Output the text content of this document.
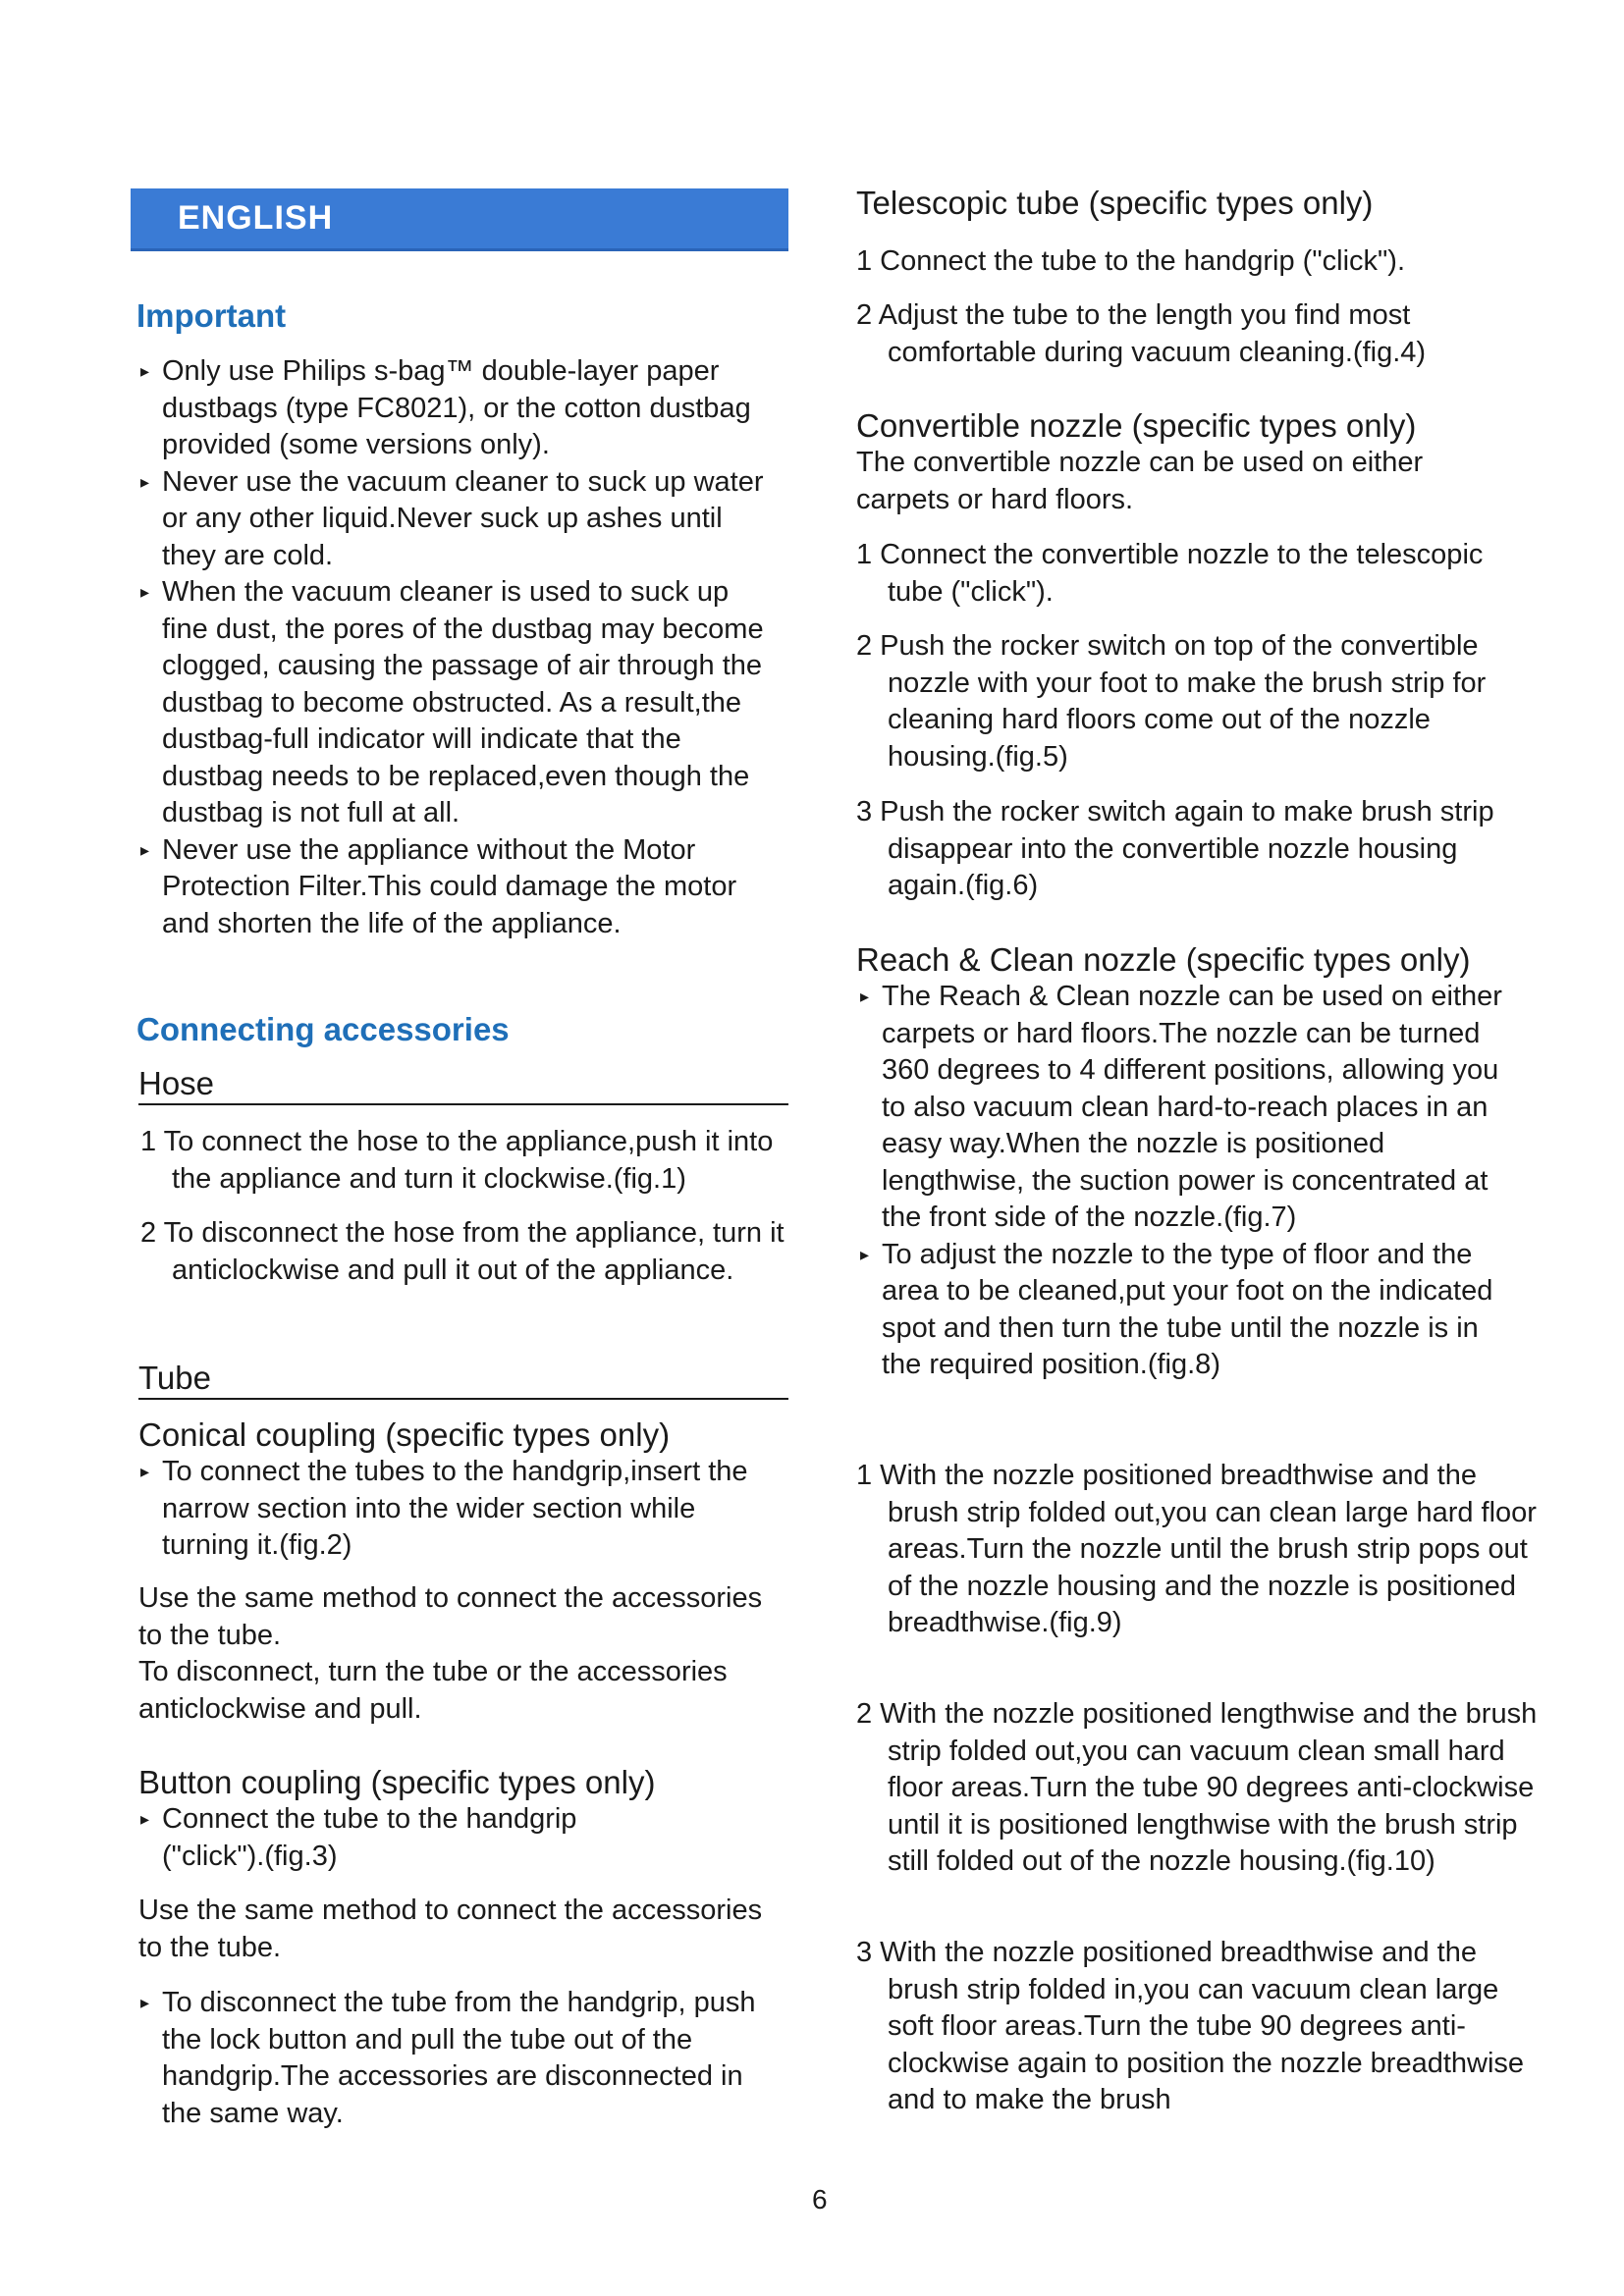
ENGLISH
Important
▸ Only use Philips s-bag™ double-layer paper dustbags (type FC8021), or the cotton dustbag provided (some versions only).
▸ Never use the vacuum cleaner to suck up water or any other liquid.Never suck up ashes until they are cold.
▸ When the vacuum cleaner is used to suck up fine dust, the pores of the dustbag may become clogged, causing the passage of air through the dustbag to become obstructed. As a result,the dustbag-full indicator will indicate that the dustbag needs to be replaced,even though the dustbag is not full at all.
▸ Never use the appliance without the Motor Protection Filter.This could damage the motor and shorten the life of the appliance.
Connecting accessories
Hose
1 To connect the hose to the appliance,push it into the appliance and turn it clockwise.(fig.1)
2 To disconnect the hose from the appliance, turn it anticlockwise and pull it out of the appliance.
Tube
Conical coupling (specific types only)
▸ To connect the tubes to the handgrip,insert the narrow section into the wider section while turning it.(fig.2)
Use the same method to connect the accessories to the tube.
To disconnect, turn the tube or the accessories anticlockwise and pull.
Button coupling (specific types only)
▸ Connect the tube to the handgrip ("click").(fig.3)
Use the same method to connect the accessories to the tube.
▸ To disconnect the tube from the handgrip, push the lock button and pull the tube out of the handgrip.The accessories are disconnected in the same way.
Telescopic tube (specific types only)
1 Connect the tube to the handgrip ("click").
2 Adjust the tube to the length you find most comfortable during vacuum cleaning.(fig.4)
Convertible nozzle (specific types only)
The convertible nozzle can be used on either carpets or hard floors.
1 Connect the convertible nozzle to the telescopic tube ("click").
2 Push the rocker switch on top of the convertible nozzle with your foot to make the brush strip for cleaning hard floors come out of the nozzle housing.(fig.5)
3 Push the rocker switch again to make brush strip disappear into the convertible nozzle housing again.(fig.6)
Reach & Clean nozzle (specific types only)
▸ The Reach & Clean nozzle can be used on either carpets or hard floors.The nozzle can be turned 360 degrees to 4 different positions, allowing you to also vacuum clean hard-to-reach places in an easy way.When the nozzle is positioned lengthwise, the suction power is concentrated at the front side of the nozzle.(fig.7)
▸ To adjust the nozzle to the type of floor and the area to be cleaned,put your foot on the indicated spot and then turn the tube until the nozzle is in the required position.(fig.8)
1 With the nozzle positioned breadthwise and the brush strip folded out,you can clean large hard floor areas.Turn the nozzle until the brush strip pops out of the nozzle housing and the nozzle is positioned breadthwise.(fig.9)
2 With the nozzle positioned lengthwise and the brush strip folded out,you can vacuum clean small hard floor areas.Turn the tube 90 degrees anti-clockwise until it is positioned lengthwise with the brush strip still folded out of the nozzle housing.(fig.10)
3 With the nozzle positioned breadthwise and the brush strip folded in,you can vacuum clean large soft floor areas.Turn the tube 90 degrees anti-clockwise again to position the nozzle breadthwise and to make the brush
6
